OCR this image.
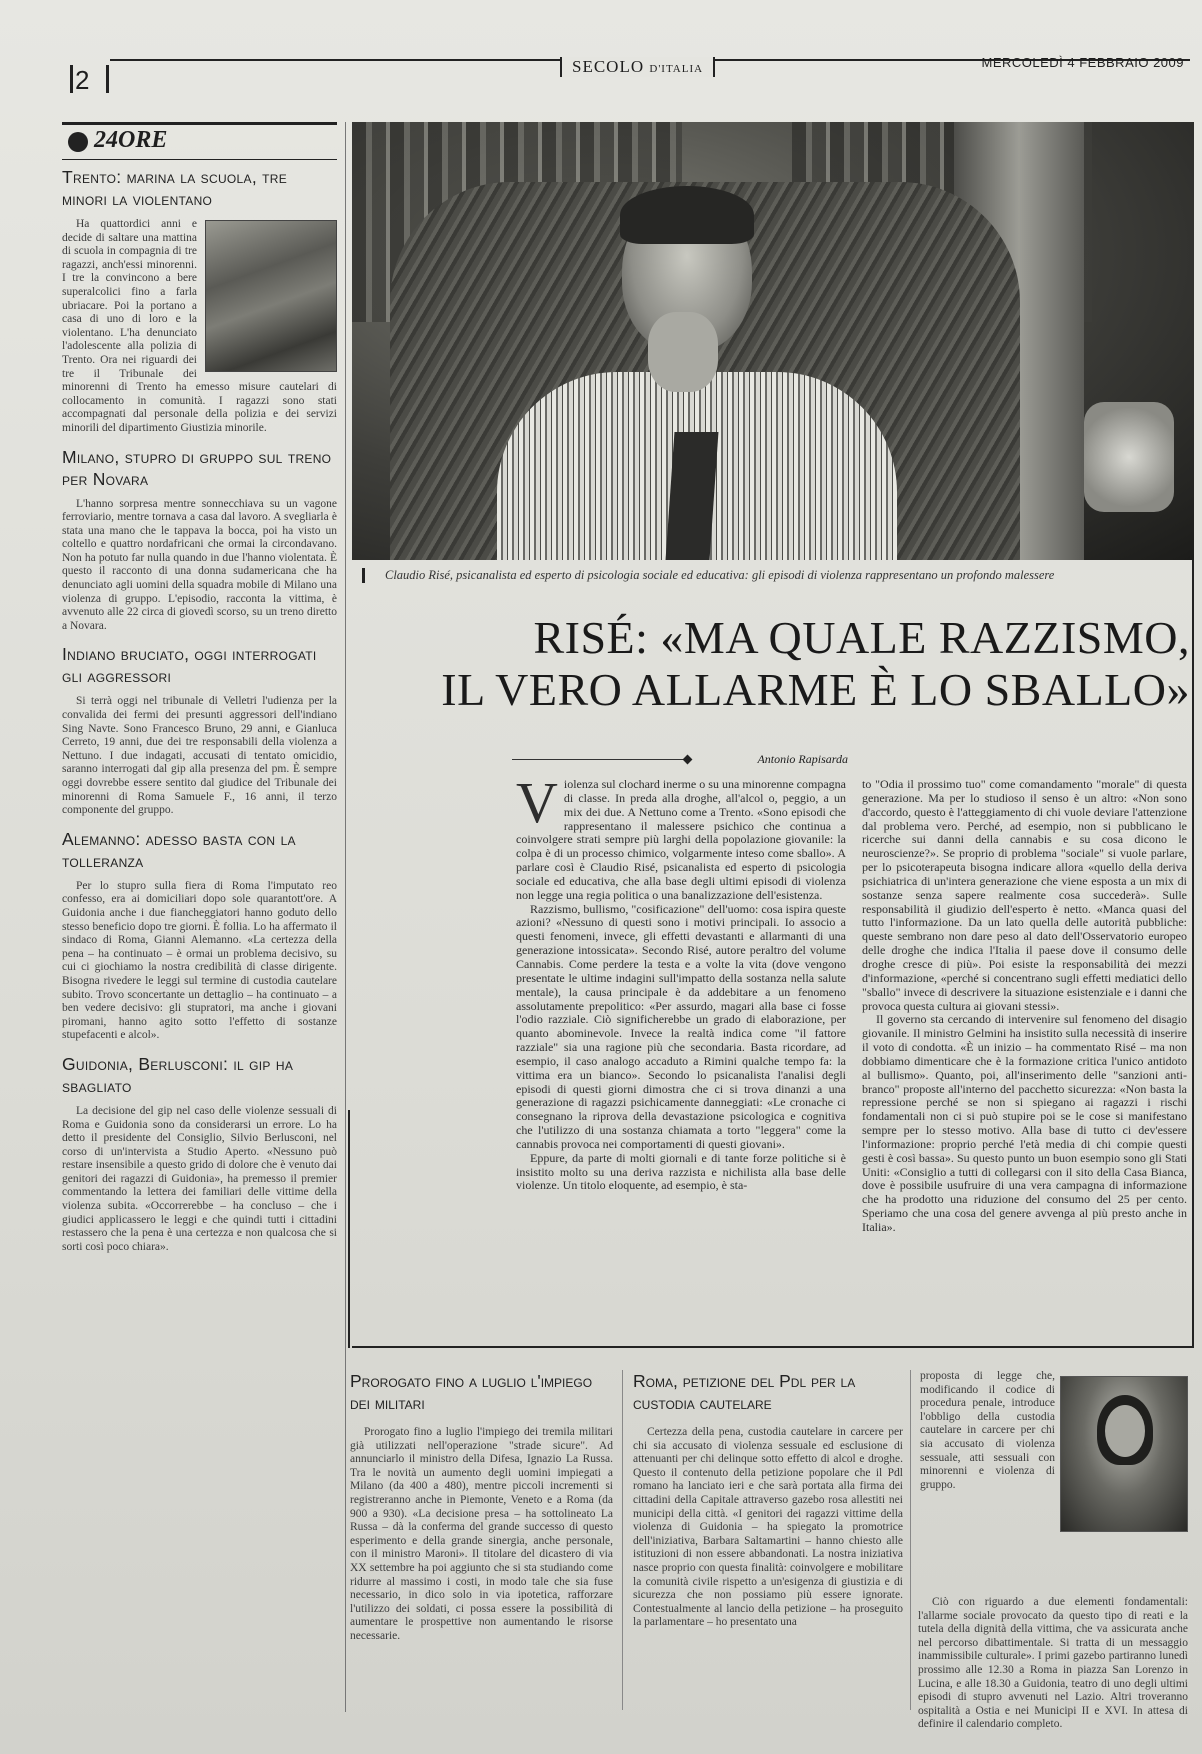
2	SECOLO D'ITALIA	MERCOLEDÌ 4 FEBBRAIO 2009
24ORE
Trento: marina la scuola, tre minori la violentano

Ha quattordici anni e decide di saltare una mattina di scuola in compagnia di tre ragazzi, anch'essi minorenni. I tre la convincono a bere superalcolici fino a farla ubriacare. Poi la portano a casa di uno di loro e la violentano. L'ha denunciato l'adolescente alla polizia di Trento. Ora nei riguardi dei tre il Tribunale dei minorenni di Trento ha emesso misure cautelari di collocamento in comunità. I ragazzi sono stati accompagnati dal personale della polizia e dei servizi minorili del dipartimento Giustizia minorile.

Milano, stupro di gruppo sul treno per Novara

L'hanno sorpresa mentre sonnecchiava su un vagone ferroviario, mentre tornava a casa dal lavoro. A svegliarla è stata una mano che le tappava la bocca, poi ha visto un coltello e quattro nordafricani che ormai la circondavano. Non ha potuto far nulla quando in due l'hanno violentata. È questo il racconto di una donna sudamericana che ha denunciato agli uomini della squadra mobile di Milano una violenza di gruppo. L'episodio, racconta la vittima, è avvenuto alle 22 circa di giovedì scorso, su un treno diretto a Novara.

Indiano bruciato, oggi interrogati gli aggressori

Si terrà oggi nel tribunale di Velletri l'udienza per la convalida dei fermi dei presunti aggressori dell'indiano Sing Navte. Sono Francesco Bruno, 29 anni, e Gianluca Cerreto, 19 anni, due dei tre responsabili della violenza a Nettuno. I due indagati, accusati di tentato omicidio, saranno interrogati dal gip alla presenza del pm. È sempre oggi dovrebbe essere sentito dal giudice del Tribunale dei minorenni di Roma Samuele F., 16 anni, il terzo componente del gruppo.

Alemanno: adesso basta con la tolleranza

Per lo stupro sulla fiera di Roma l'imputato reo confesso, era ai domiciliari dopo sole quarantott'ore. A Guidonia anche i due fiancheggiatori hanno goduto dello stesso beneficio dopo tre giorni. È follia. Lo ha affermato il sindaco di Roma, Gianni Alemanno. «La certezza della pena – ha continuato – è ormai un problema decisivo, su cui ci giochiamo la nostra credibilità di classe dirigente. Bisogna rivedere le leggi sul termine di custodia cautelare subito. Trovo sconcertante un dettaglio – ha continuato – a ben vedere decisivo: gli stupratori, ma anche i giovani piromani, hanno agito sotto l'effetto di sostanze stupefacenti e alcol».

Guidonia, Berlusconi: il gip ha sbagliato

La decisione del gip nel caso delle violenze sessuali di Roma e Guidonia sono da considerarsi un errore. Lo ha detto il presidente del Consiglio, Silvio Berlusconi, nel corso di un'intervista a Studio Aperto. «Nessuno può restare insensibile a questo grido di dolore che è venuto dai genitori dei ragazzi di Guidonia», ha premesso il premier commentando la lettera dei familiari delle vittime della violenza subita. «Occorrerebbe – ha concluso – che i giudici applicassero le leggi e che quindi tutti i cittadini restassero che la pena è una certezza e non qualcosa che si sorti così poco chiara».

Claudio Risé, psicanalista ed esperto di psicologia sociale ed educativa: gli episodi di violenza rappresentano un profondo malessere
RISÉ: «MA QUALE RAZZISMO,
IL VERO ALLARME È LO SBALLO»
Antonio Rapisarda

Violenza sul clochard inerme o su una minorenne compagna di classe. In preda alla droghe, all'alcol o, peggio, a un mix dei due. A Nettuno come a Trento. «Sono episodi che rappresentano il malessere psichico che continua a coinvolgere strati sempre più larghi della popolazione giovanile: la colpa è di un processo chimico, volgarmente inteso come sballo». A parlare così è Claudio Risé, psicanalista ed esperto di psicologia sociale ed educativa, che alla base degli ultimi episodi di violenza non legge una regia politica o una banalizzazione dell'esistenza.

Razzismo, bullismo, "cosificazione" dell'uomo: cosa ispira queste azioni? «Nessuno di questi sono i motivi principali. Io associo a questi fenomeni, invece, gli effetti devastanti e allarmanti di una generazione intossicata». Secondo Risé, autore peraltro del volume Cannabis. Come perdere la testa e a volte la vita (dove vengono presentate le ultime indagini sull'impatto della sostanza nella salute mentale), la causa principale è da addebitare a un fenomeno assolutamente prepolitico: «Per assurdo, magari alla base ci fosse l'odio razziale. Ciò significherebbe un grado di elaborazione, per quanto abominevole. Invece la realtà indica come "il fattore razziale" sia una ragione più che secondaria. Basta ricordare, ad esempio, il caso analogo accaduto a Rimini qualche tempo fa: la vittima era un bianco». Secondo lo psicanalista l'analisi degli episodi di questi giorni dimostra che ci si trova dinanzi a una generazione di ragazzi psichicamente danneggiati: «Le cronache ci consegnano la riprova della devastazione psicologica e cognitiva che l'utilizzo di una sostanza chiamata a torto "leggera" come la cannabis provoca nei comportamenti di questi giovani».

Eppure, da parte di molti giornali e di tante forze politiche si è insistito molto su una deriva razzista e nichilista alla base delle violenze. Un titolo eloquente, ad esempio, è sta-

to "Odia il prossimo tuo" come comandamento "morale" di questa generazione. Ma per lo studioso il senso è un altro: «Non sono d'accordo, questo è l'atteggiamento di chi vuole deviare l'attenzione dal problema vero. Perché, ad esempio, non si pubblicano le ricerche sui danni della cannabis e su cosa dicono le neuroscienze?». Se proprio di problema "sociale" si vuole parlare, per lo psicoterapeuta bisogna indicare allora «quello della deriva psichiatrica di un'intera generazione che viene esposta a un mix di sostanze senza sapere realmente cosa succederà». Sulle responsabilità il giudizio dell'esperto è netto. «Manca quasi del tutto l'informazione. Da un lato quella delle autorità pubbliche: queste sembrano non dare peso al dato dell'Osservatorio europeo delle droghe che indica l'Italia il paese dove il consumo delle droghe cresce di più». Poi esiste la responsabilità dei mezzi d'informazione, «perché si concentrano sugli effetti mediatici dello "sballo" invece di descrivere la situazione esistenziale e i danni che provoca questa cultura ai giovani stessi».

Il governo sta cercando di intervenire sul fenomeno del disagio giovanile. Il ministro Gelmini ha insistito sulla necessità di inserire il voto di condotta. «È un inizio – ha commentato Risé – ma non dobbiamo dimenticare che è la formazione critica l'unico antidoto al bullismo». Quanto, poi, all'inserimento delle "sanzioni anti-branco" proposte all'interno del pacchetto sicurezza: «Non basta la repressione perché se non si spiegano ai ragazzi i rischi fondamentali non ci si può stupire poi se le cose si manifestano sempre per lo stesso motivo. Alla base di tutto ci dev'essere l'informazione: proprio perché l'età media di chi compie questi gesti è così bassa». Su questo punto un buon esempio sono gli Stati Uniti: «Consiglio a tutti di collegarsi con il sito della Casa Bianca, dove è possibile usufruire di una vera campagna di informazione che ha prodotto una riduzione del consumo del 25 per cento. Speriamo che una cosa del genere avvenga al più presto anche in Italia».

Prorogato fino a luglio l'impiego dei militari

Prorogato fino a luglio l'impiego dei tremila militari già utilizzati nell'operazione "strade sicure". Ad annunciarlo il ministro della Difesa, Ignazio La Russa. Tra le novità un aumento degli uomini impiegati a Milano (da 400 a 480), mentre piccoli incrementi si registreranno anche in Piemonte, Veneto e a Roma (da 900 a 930). «La decisione presa – ha sottolineato La Russa – dà la conferma del grande successo di questo esperimento e della grande sinergia, anche personale, con il ministro Maroni». Il titolare del dicastero di via XX settembre ha poi aggiunto che si sta studiando come ridurre al massimo i costi, in modo tale che sia fuse necessario, in dico solo in via ipotetica, rafforzare l'utilizzo dei soldati, ci possa essere la possibilità di aumentare le prospettive non aumentando le risorse necessarie.

Roma, petizione del Pdl per la custodia cautelare

Certezza della pena, custodia cautelare in carcere per chi sia accusato di violenza sessuale ed esclusione di attenuanti per chi delinque sotto effetto di alcol e droghe. Questo il contenuto della petizione popolare che il Pdl romano ha lanciato ieri e che sarà portata alla firma dei cittadini della Capitale attraverso gazebo rosa allestiti nei municipi della città. «I genitori dei ragazzi vittime della violenza di Guidonia – ha spiegato la promotrice dell'iniziativa, Barbara Saltamartini – hanno chiesto alle istituzioni di non essere abbandonati. La nostra iniziativa nasce proprio con questa finalità: coinvolgere e mobilitare la comunità civile rispetto a un'esigenza di giustizia e di sicurezza che non possiamo più essere ignorate. Contestualmente al lancio della petizione – ha proseguito la parlamentare – ho presentato una

proposta di legge che, modificando il codice di procedura penale, introduce l'obbligo della custodia cautelare in carcere per chi sia accusato di violenza sessuale, atti sessuali con minorenni e violenza di gruppo.

Ciò con riguardo a due elementi fondamentali: l'allarme sociale provocato da questo tipo di reati e la tutela della dignità della vittima, che va assicurata anche nel percorso dibattimentale. Si tratta di un messaggio inammissibile culturale». I primi gazebo partiranno lunedì prossimo alle 12.30 a Roma in piazza San Lorenzo in Lucina, e alle 18.30 a Guidonia, teatro di uno degli ultimi episodi di stupro avvenuti nel Lazio. Altri troveranno ospitalità a Ostia e nei Municipi II e XVI. In attesa di definire il calendario completo.
